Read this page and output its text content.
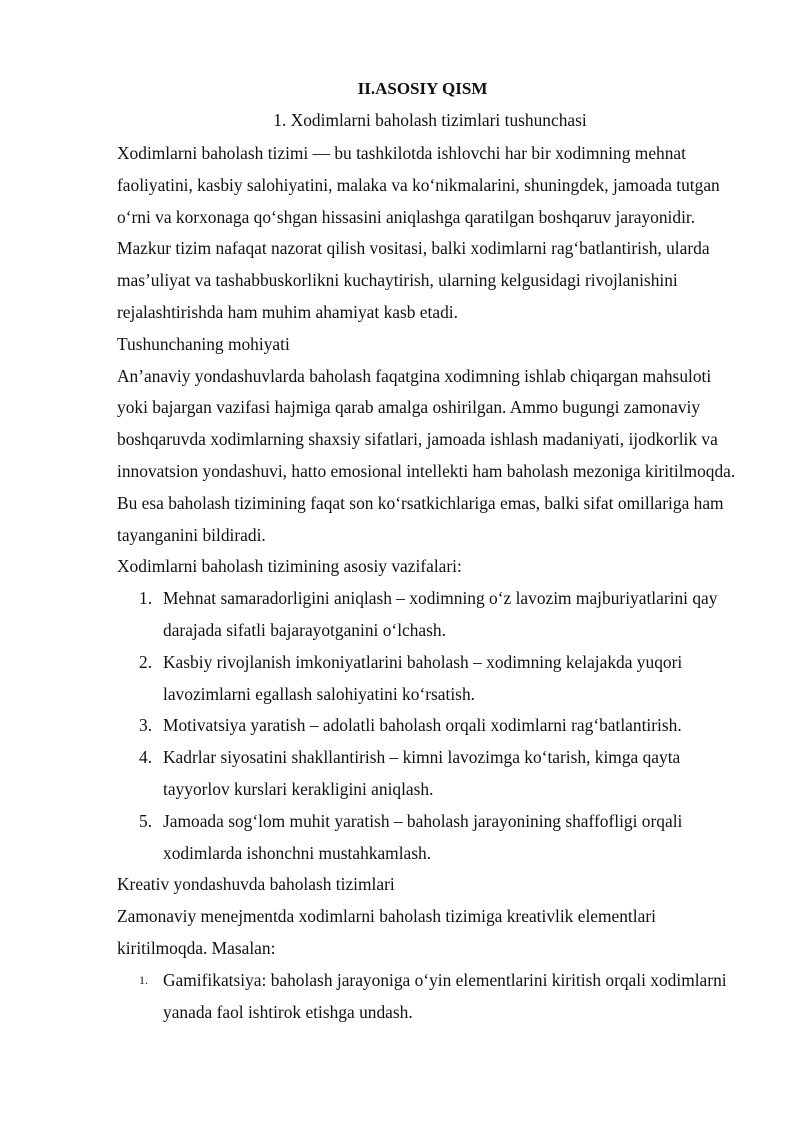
II.ASOSIY QISM
1. Xodimlarni baholash tizimlari tushunchasi

Xodimlarni baholash tizimi — bu tashkilotda ishlovchi har bir xodimning mehnat faoliyatini, kasbiy salohiyatini, malaka va ko‘nikmalarini, shuningdek, jamoada tutgan o‘rni va korxonaga qo‘shgan hissasini aniqlashga qaratilgan boshqaruv jarayonidir. Mazkur tizim nafaqat nazorat qilish vositasi, balki xodimlarni rag‘batlantirish, ularda mas’uliyat va tashabbuskorlikni kuchaytirish, ularning kelgusidagi rivojlanishini rejalashtirishda ham muhim ahamiyat kasb etadi.

Tushunchaning mohiyati

An’anaviy yondashuvlarda baholash faqatgina xodimning ishlab chiqargan mahsuloti yoki bajargan vazifasi hajmiga qarab amalga oshirilgan. Ammo bugungi zamonaviy boshqaruvda xodimlarning shaxsiy sifatlari, jamoada ishlash madaniyati, ijodkorlik va innovatsion yondashuvi, hatto emosional intellekti ham baholash mezoniga kiritilmoqda. Bu esa baholash tizimining faqat son ko‘rsatkichlariga emas, balki sifat omillariga ham tayanganini bildiradi.

Xodimlarni baholash tizimining asosiy vazifalari:

1. Mehnat samaradorligini aniqlash – xodimning o‘z lavozim majburiyatlarini qay darajada sifatli bajarayotganini o‘lchash.
2. Kasbiy rivojlanish imkoniyatlarini baholash – xodimning kelajakda yuqori lavozimlarni egallash salohiyatini ko‘rsatish.
3. Motivatsiya yaratish – adolatli baholash orqali xodimlarni rag‘batlantirish.
4. Kadrlar siyosatini shakllantirish – kimni lavozimga ko‘tarish, kimga qayta tayyorlov kurslari kerakligini aniqlash.
5. Jamoada sog‘lom muhit yaratish – baholash jarayonining shaffofligi orqali xodimlarda ishonchni mustahkamlash.

Kreativ yondashuvda baholash tizimlari

Zamonaviy menejmentda xodimlarni baholash tizimiga kreativlik elementlari kiritilmoqda. Masalan:

1. Gamifikatsiya: baholash jarayoniga o‘yin elementlarini kiritish orqali xodimlarni yanada faol ishtirok etishga undash.
